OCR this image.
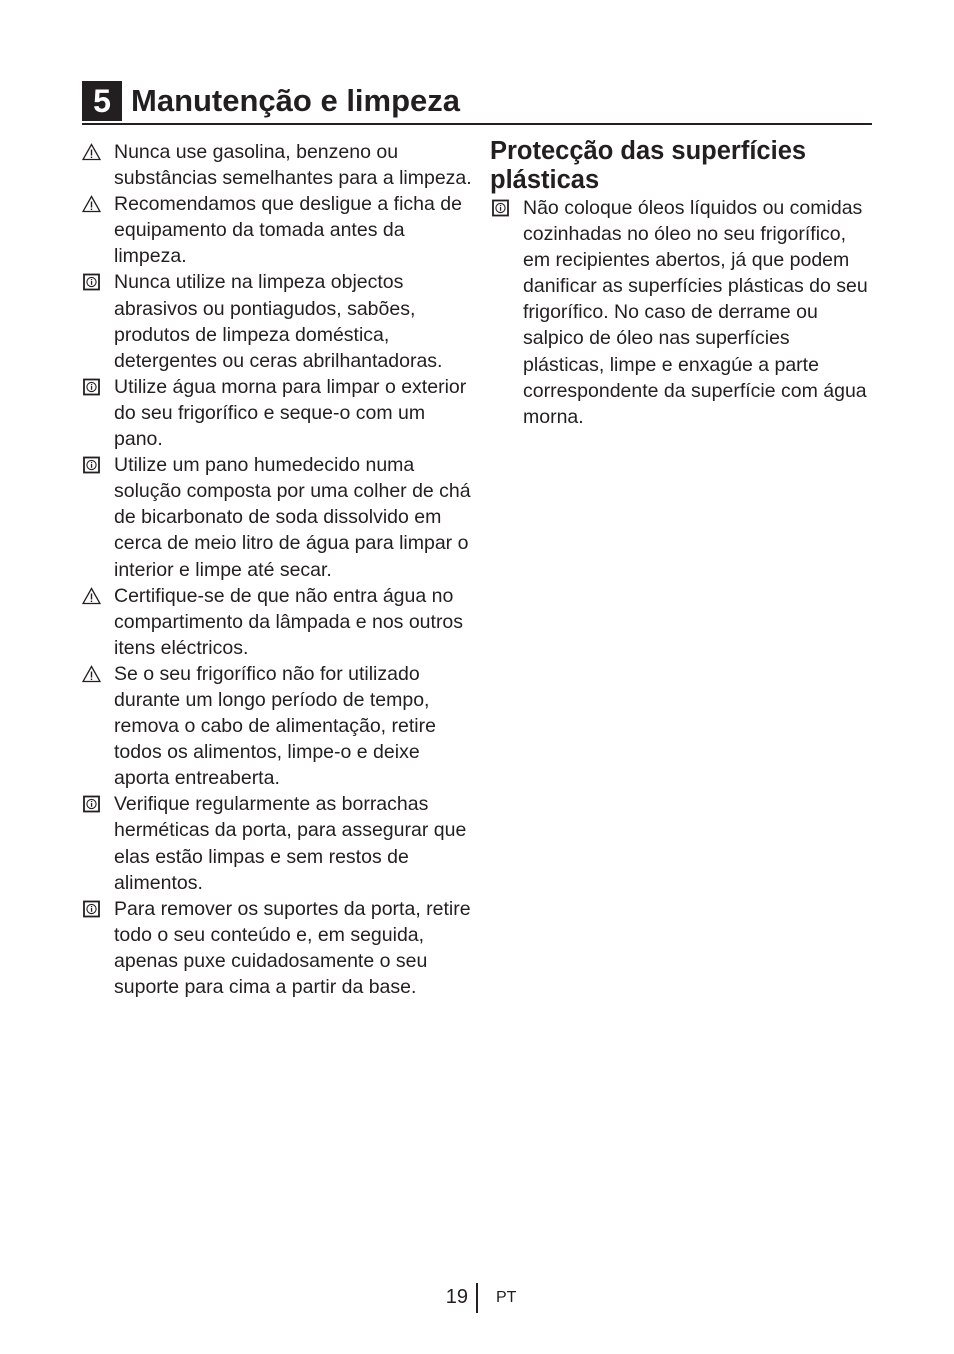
5 Manutenção e limpeza
Nunca use gasolina, benzeno ou substâncias semelhantes para a limpeza.
Recomendamos que desligue a ficha de equipamento da tomada antes da limpeza.
Nunca utilize na limpeza objectos abrasivos ou pontiagudos, sabões, produtos de limpeza doméstica, detergentes ou ceras abrilhantadoras.
Utilize água morna para limpar o exterior do seu frigorífico e seque-o com um pano.
Utilize um pano humedecido numa solução composta por uma colher de chá de bicarbonato de soda dissolvido em cerca de meio litro de água para limpar o interior e limpe até secar.
Certifique-se de que não entra água no compartimento da lâmpada e nos outros itens eléctricos.
Se o seu frigorífico não for utilizado durante um longo período de tempo, remova o cabo de alimentação, retire todos os alimentos, limpe-o e deixe aporta entreaberta.
Verifique regularmente as borrachas herméticas da porta, para assegurar que elas estão limpas e sem restos de alimentos.
Para remover os suportes da porta, retire todo o seu conteúdo e, em seguida, apenas puxe cuidadosamente o seu suporte para cima a partir da base.
Protecção das superfícies plásticas
Não coloque óleos líquidos ou comidas cozinhadas no óleo no seu frigorífico, em recipientes abertos, já que podem danificar as superfícies plásticas do seu frigorífico. No caso de derrame ou salpico de óleo nas superfícies plásticas, limpe e enxagúe a parte correspondente da superfície com água morna.
19 PT
